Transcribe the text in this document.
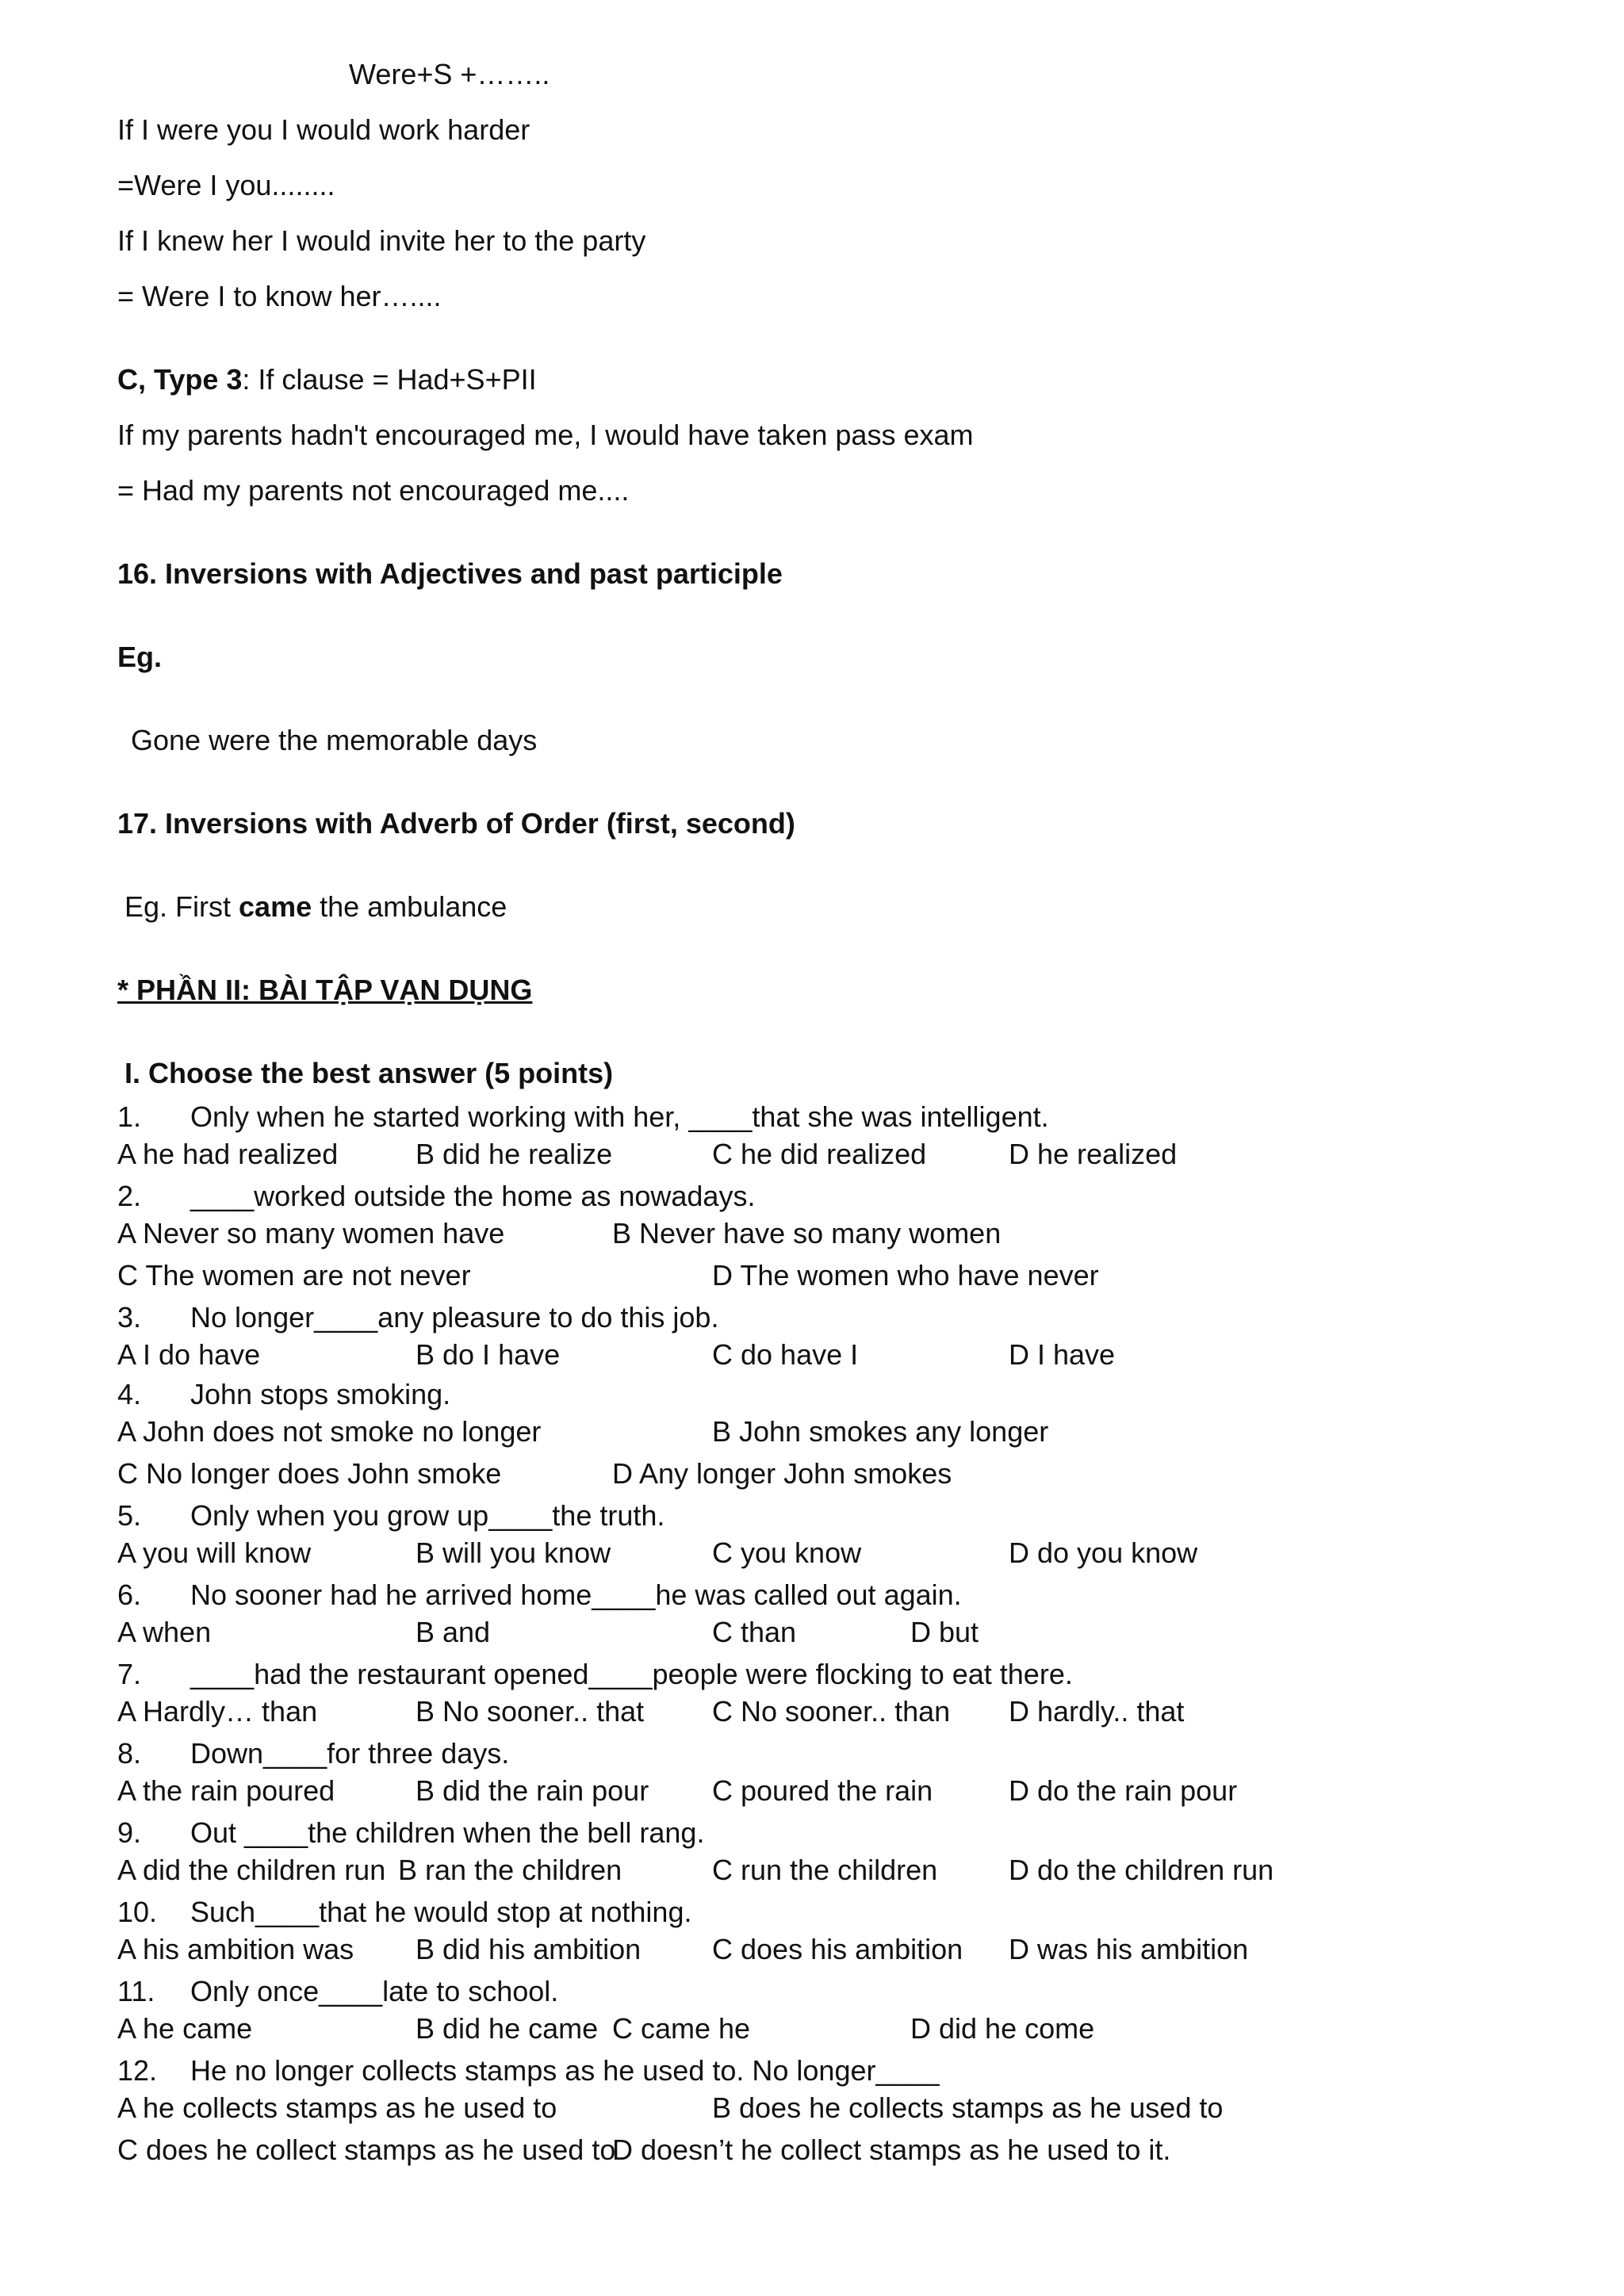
Were+S +……..
If I were you I would work harder
=Were I you........
If I knew her I would invite her to the party
= Were I to know her…....
C, Type 3: If clause = Had+S+PII
If my parents hadn't encouraged me, I would have taken pass exam
= Had my parents not encouraged me....
16. Inversions with Adjectives and past participle
Eg.
Gone were the memorable days
17. Inversions with Adverb of Order (first, second)
Eg. First came the ambulance
* PHẦN II: BÀI TẬP VẠN DỤNG
I. Choose the best answer (5 points)
1. Only when he started working with her, ____that she was intelligent.
A he had realized	B did he realize	C he did realized	D he realized
2. ____worked outside the home as nowadays.
A Never so many women have	B Never have so many women
C The women are not never	D The women who have never
3. No longer____any pleasure to do this job.
A I do have	B do I have	C do have I	D I have
4. John stops smoking.
A John does not smoke no longer	B John smokes any longer
C No longer does John smoke	D Any longer John smokes
5. Only when you grow up____the truth.
A you will know	B will you know	C you know	D do you know
6. No sooner had he arrived home____he was called out again.
A when	B and	C than	D but
7. ____had the restaurant opened____people were flocking to eat there.
A Hardly… than	B No sooner.. that C No sooner.. than D hardly.. that
8. Down____for three days.
A the rain poured	B did the rain pour C poured the rain	D do the rain pour
9. Out ____the children when the bell rang.
A did the children run B ran the children	C run the children D do the children run
10. Such____that he would stop at nothing.
A his ambition was B did his ambition C does his ambition D was his ambition
11. Only once____late to school.
A he came	B did he came C came he	D did he come
12. He no longer collects stamps as he used to. No longer____
A he collects stamps as he used to	B does he collects stamps as he used to
C does he collect stamps as he used to
D doesn’t he collect stamps as he used to it.
